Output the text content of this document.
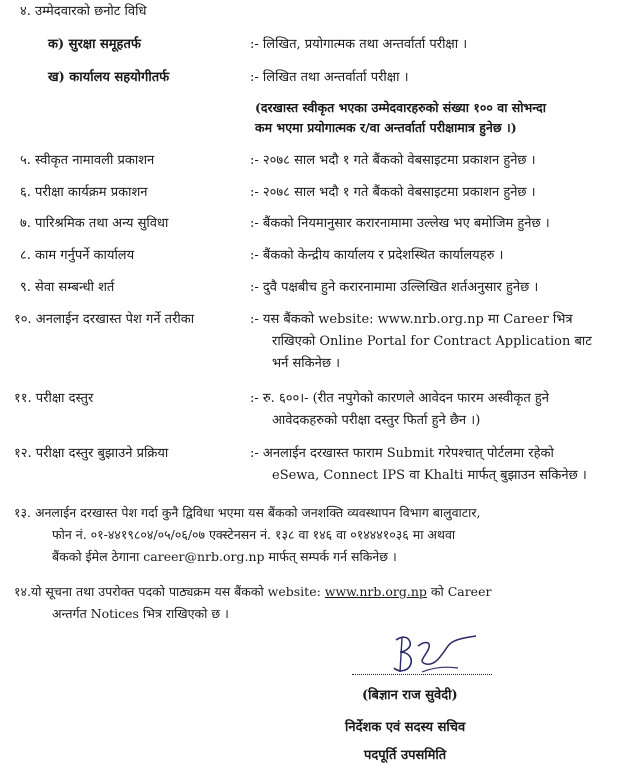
४. उम्मेदवारको छनोट विधि
क) सुरक्षा समूहतर्फ	:- लिखित, प्रयोगात्मक तथा अन्तर्वार्ता परीक्षा ।
ख) कार्यालय सहयोगीतर्फ	:- लिखित तथा अन्तर्वार्ता परीक्षा ।
(दरखास्त स्वीकृत भएका उम्मेदवारहरुको संख्या १०० वा सोभन्दा
कम भएमा प्रयोगात्मक र/वा अन्तर्वार्ता परीक्षामात्र हुनेछ ।)
५. स्वीकृत नामावली प्रकाशन	:- २०७८ साल भदौ १ गते बैंकको वेबसाइटमा प्रकाशन हुनेछ ।
६. परीक्षा कार्यक्रम प्रकाशन	:- २०७८ साल भदौ १ गते बैंकको वेबसाइटमा प्रकाशन हुनेछ ।
७. पारिश्रमिक तथा अन्य सुविधा	:- बैंकको नियमानुसार करारनामामा उल्लेख भए बमोजिम हुनेछ ।
८. काम गर्नुपर्ने कार्यालय	:- बैंकको केन्द्रीय कार्यालय र प्रदेशस्थित कार्यालयहरु ।
९. सेवा सम्बन्धी शर्त	:- दुवै पक्षबीच हुने करारनामामा उल्लिखित शर्तअनुसार हुनेछ ।
१०. अनलाईन दरखास्त पेश गर्ने तरीका	:- यस बैंकको website: www.nrb.org.np मा Career भित्र
राखिएको Online Portal for Contract Application बाट
भर्न सकिनेछ ।
११. परीक्षा दस्तुर	:- रु. ६००।- (रीत नपुगेको कारणले आवेदन फारम अस्वीकृत हुने
आवेदकहरुको परीक्षा दस्तुर फिर्ता हुने छैन ।)
१२. परीक्षा दस्तुर बुझाउने प्रक्रिया	:- अनलाईन दरखास्त फाराम Submit गरेपश्चात् पोर्टलमा रहेको
eSewa, Connect IPS वा Khalti मार्फत् बुझाउन सकिनेछ ।
१३. अनलाईन दरखास्त पेश गर्दा कुनै द्विविधा भएमा यस बैंकको जनशक्ति व्यवस्थापन विभाग बालुवाटार,
फोन नं. ०१-४४१९८०४/०५/०६/०७ एक्स्टेनसन नं. १३८ वा १४६ वा ०१४४४१०३६ मा अथवा
बैंकको ईमेल ठेगाना career@nrb.org.np मार्फत् सम्पर्क गर्न सकिनेछ ।
१४.यो सूचना तथा उपरोक्त पदको पाठ्यक्रम यस बैंकको website: www.nrb.org.np को Career
अन्तर्गत Notices भित्र राखिएको छ ।
(बिज्ञान राज सुवेदी)
निर्देशक एवं सदस्य सचिव
पदपूर्ति उपसमिति
